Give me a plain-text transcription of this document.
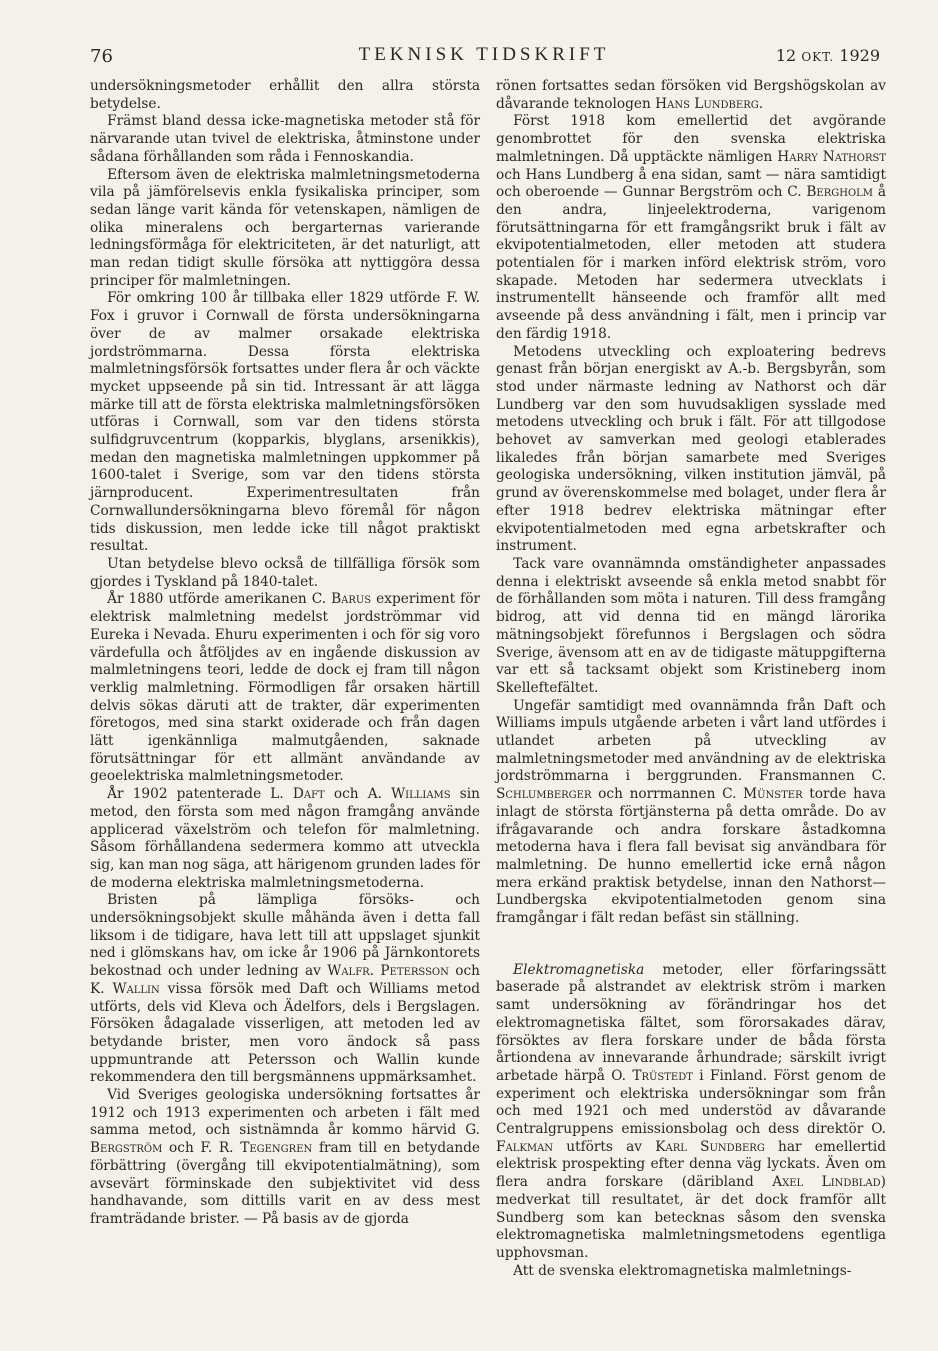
76	TEKNISK TIDSKRIFT	12 OKT. 1929

undersökningsmetoder erhållit den allra största betydelse.

Främst bland dessa icke-magnetiska metoder stå för närvarande utan tvivel de elektriska, åtminstone under sådana förhållanden som råda i Fennoskandia.

Eftersom även de elektriska malmletningsmetoderna vila på jämförelsevis enkla fysikaliska principer, som sedan länge varit kända för vetenskapen, nämligen de olika mineralens och bergarternas varierande ledningsförmåga för elektriciteten, är det naturligt, att man redan tidigt skulle försöka att nyttiggöra dessa principer för malmletningen.

För omkring 100 år tillbaka eller 1829 utförde F. W. Fox i gruvor i Cornwall de första undersökningarna över de av malmer orsakade elektriska jordströmmarna. Dessa första elektriska malmletningsförsök fortsattes under flera år och väckte mycket uppseende på sin tid. Intressant är att lägga märke till att de första elektriska malmletningsförsöken utföras i Cornwall, som var den tidens största sulfidgruvcentrum (kopparkis, blyglans, arsenikkis), medan den magnetiska malmletningen uppkommer på 1600-talet i Sverige, som var den tidens största järnproducent. Experimentresultaten från Cornwallundersökningarna blevo föremål för någon tids diskussion, men ledde icke till något praktiskt resultat.

Utan betydelse blevo också de tillfälliga försök som gjordes i Tyskland på 1840-talet.

År 1880 utförde amerikanen C. Barus experiment för elektrisk malmletning medelst jordströmmar vid Eureka i Nevada. Ehuru experimenten i och för sig voro värdefulla och åtföljdes av en ingående diskussion av malmletningens teori, ledde de dock ej fram till någon verklig malmletning. Förmodligen får orsaken härtill delvis sökas däruti att de trakter, där experimenten företogos, med sina starkt oxiderade och från dagen lätt igenkännliga malmutgåenden, saknade förutsättningar för ett allmänt användande av geoelektriska malmletningsmetoder.

År 1902 patenterade L. Daft och A. Williams sin metod, den första som med någon framgång använde applicerad växelström och telefon för malmletning. Såsom förhållandena sedermera kommo att utveckla sig, kan man nog säga, att härigenom grunden lades för de moderna elektriska malmletningsmetoderna.

Bristen på lämpliga försöks- och undersökningsobjekt skulle måhända även i detta fall liksom i de tidigare, hava lett till att uppslaget sjunkit ned i glömskans hav, om icke år 1906 på Järnkontorets bekostnad och under ledning av Walfr. Petersson och K. Wallin vissa försök med Daft och Williams metod utförts, dels vid Kleva och Ädelfors, dels i Bergslagen. Försöken ådagalade visserligen, att metoden led av betydande brister, men voro ändock så pass uppmuntrande att Petersson och Wallin kunde rekommendera den till bergsmännens uppmärksamhet.

Vid Sveriges geologiska undersökning fortsattes år 1912 och 1913 experimenten och arbeten i fält med samma metod, och sistnämnda år kommo härvid G. Bergström och F. R. Tegengren fram till en betydande förbättring (övergång till ekvipotentialmätning), som avsevärt förminskade den subjektivitet vid dess handhavande, som dittills varit en av dess mest framträdande brister. — På basis av de gjorda

rönen fortsattes sedan försöken vid Bergshögskolan av dåvarande teknologen Hans Lundberg.

Först 1918 kom emellertid det avgörande genombrottet för den svenska elektriska malmletningen. Då upptäckte nämligen Harry Nathorst och Hans Lundberg å ena sidan, samt — nära samtidigt och oberoende — Gunnar Bergström och C. Bergholm å den andra, linjeelektroderna, varigenom förutsättningarna för ett framgångsrikt bruk i fält av ekvipotentialmetoden, eller metoden att studera potentialen för i marken införd elektrisk ström, voro skapade. Metoden har sedermera utvecklats i instrumentellt hänseende och framför allt med avseende på dess användning i fält, men i princip var den färdig 1918.

Metodens utveckling och exploatering bedrevs genast från början energiskt av A.-b. Bergsbyrån, som stod under närmaste ledning av Nathorst och där Lundberg var den som huvudsakligen sysslade med metodens utveckling och bruk i fält. För att tillgodose behovet av samverkan med geologi etablerades likaledes från början samarbete med Sveriges geologiska undersökning, vilken institution jämväl, på grund av överenskommelse med bolaget, under flera år efter 1918 bedrev elektriska mätningar efter ekvipotentialmetoden med egna arbetskrafter och instrument.

Tack vare ovannämnda omständigheter anpassades denna i elektriskt avseende så enkla metod snabbt för de förhållanden som möta i naturen. Till dess framgång bidrog, att vid denna tid en mängd lärorika mätningsobjekt förefunnos i Bergslagen och södra Sverige, ävensom att en av de tidigaste mätuppgifterna var ett så tacksamt objekt som Kristineberg inom Skelleftefältet.

Ungefär samtidigt med ovannämnda från Daft och Williams impuls utgående arbeten i vårt land utfördes i utlandet arbeten på utveckling av malmletningsmetoder med användning av de elektriska jordströmmarna i berggrunden. Fransmannen C. Schlumberger och norrmannen C. Münster torde hava inlagt de största förtjänsterna på detta område. Do av ifrågavarande och andra forskare åstadkomna metoderna hava i flera fall bevisat sig användbara för malmletning. De hunno emellertid icke ernå någon mera erkänd praktisk betydelse, innan den Nathorst—Lundbergska ekvipotentialmetoden genom sina framgångar i fält redan befäst sin ställning.

Elektromagnetiska metoder, eller förfaringssätt baserade på alstrandet av elektrisk ström i marken samt undersökning av förändringar hos det elektromagnetiska fältet, som förorsakades därav, försöktes av flera forskare under de båda första årtiondena av innevarande århundrade; särskilt ivrigt arbetade härpå O. Trüstedt i Finland. Först genom de experiment och elektriska undersökningar som från och med 1921 och med understöd av dåvarande Centralgruppens emissionsbolag och dess direktör O. Falkman utförts av Karl Sundberg har emellertid elektrisk prospekting efter denna väg lyckats. Även om flera andra forskare (däribland Axel Lindblad) medverkat till resultatet, är det dock framför allt Sundberg som kan betecknas såsom den svenska elektromagnetiska malmletningsmetodens egentliga upphovsman.

Att de svenska elektromagnetiska malmletnings-
